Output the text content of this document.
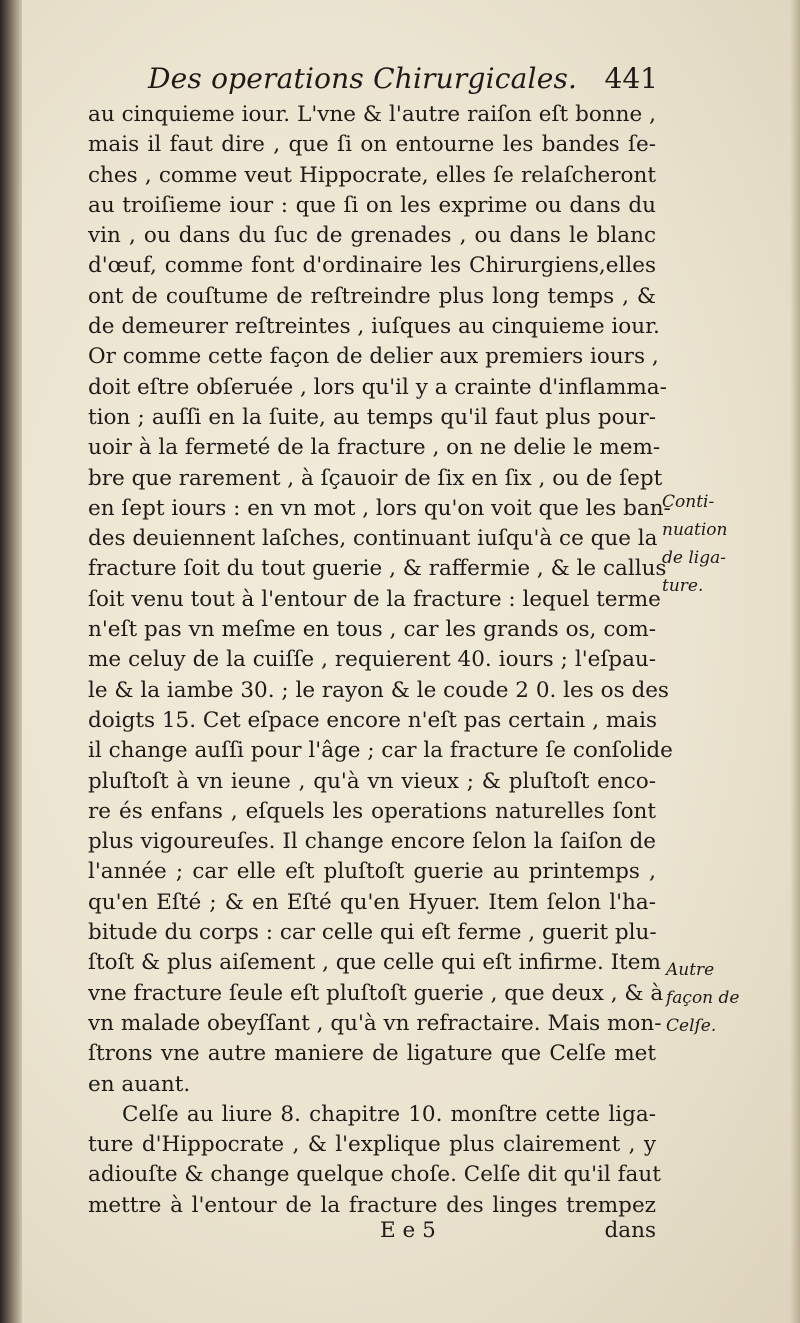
Des operations Chirurgicales. 441
au cinquieme iour. L'vne & l'autre raiſon eſt bonne ,
mais il faut dire , que ſi on entourne les bandes ſe-
ches , comme veut Hippocrate, elles ſe relaſcheront
au troiſieme iour : que ſi on les exprime ou dans du
vin , ou dans du ſuc de grenades , ou dans le blanc
d'œuf, comme font d'ordinaire les Chirurgiens,elles
ont de couſtume de reſtreindre plus long temps , &
de demeurer reſtreintes , iuſques au cinquieme iour.
Or comme cette façon de delier aux premiers iours ,
doit eſtre obſeruée , lors qu'il y a crainte d'inflamma-
tion ; auſſi en la ſuite, au temps qu'il faut plus pour-
uoir à la fermeté de la fracture , on ne delie le mem-
bre que rarement , à ſçauoir de ſix en ſix , ou de ſept
en ſept iours : en vn mot , lors qu'on voit que les ban-
des deuiennent laſches, continuant iuſqu'à ce que la
fracture ſoit du tout guerie , & raffermie , & le callus
ſoit venu tout à l'entour de la fracture : lequel terme
n'eſt pas vn meſme en tous , car les grands os, com-
me celuy de la cuiſſe , requierent 40. iours ; l'eſpau-
le & la iambe 30. ; le rayon & le coude 2 0. les os des
doigts 15. Cet eſpace encore n'eſt pas certain , mais
il change auſſi pour l'âge ; car la fracture ſe conſolide
pluſtoſt à vn ieune , qu'à vn vieux ; & pluſtoſt enco-
re és enfans , eſquels les operations naturelles ſont
plus vigoureuſes. Il change encore ſelon la ſaiſon de
l'année ; car elle eſt pluſtoſt guerie au printemps ,
qu'en Eſté ; & en Eſté qu'en Hyuer. Item ſelon l'ha-
bitude du corps : car celle qui eſt ferme , guerit plu-
ſtoſt & plus aiſement , que celle qui eſt infirme. Item
vne fracture ſeule eſt pluſtoſt guerie , que deux , & à
vn malade obeyſſant , qu'à vn refractaire. Mais mon-
ſtrons vne autre maniere de ligature que Celſe met
en auant.
Celſe au liure 8. chapitre 10. monſtre cette liga-
ture d'Hippocrate , & l'explique plus clairement , y
adiouſte & change quelque choſe. Celſe dit qu'il faut
mettre à l'entour de la fracture des linges trempez
Conti-
nuation
de liga-
ture.
Autre
façon de
Celſe.
E e 5	dans
